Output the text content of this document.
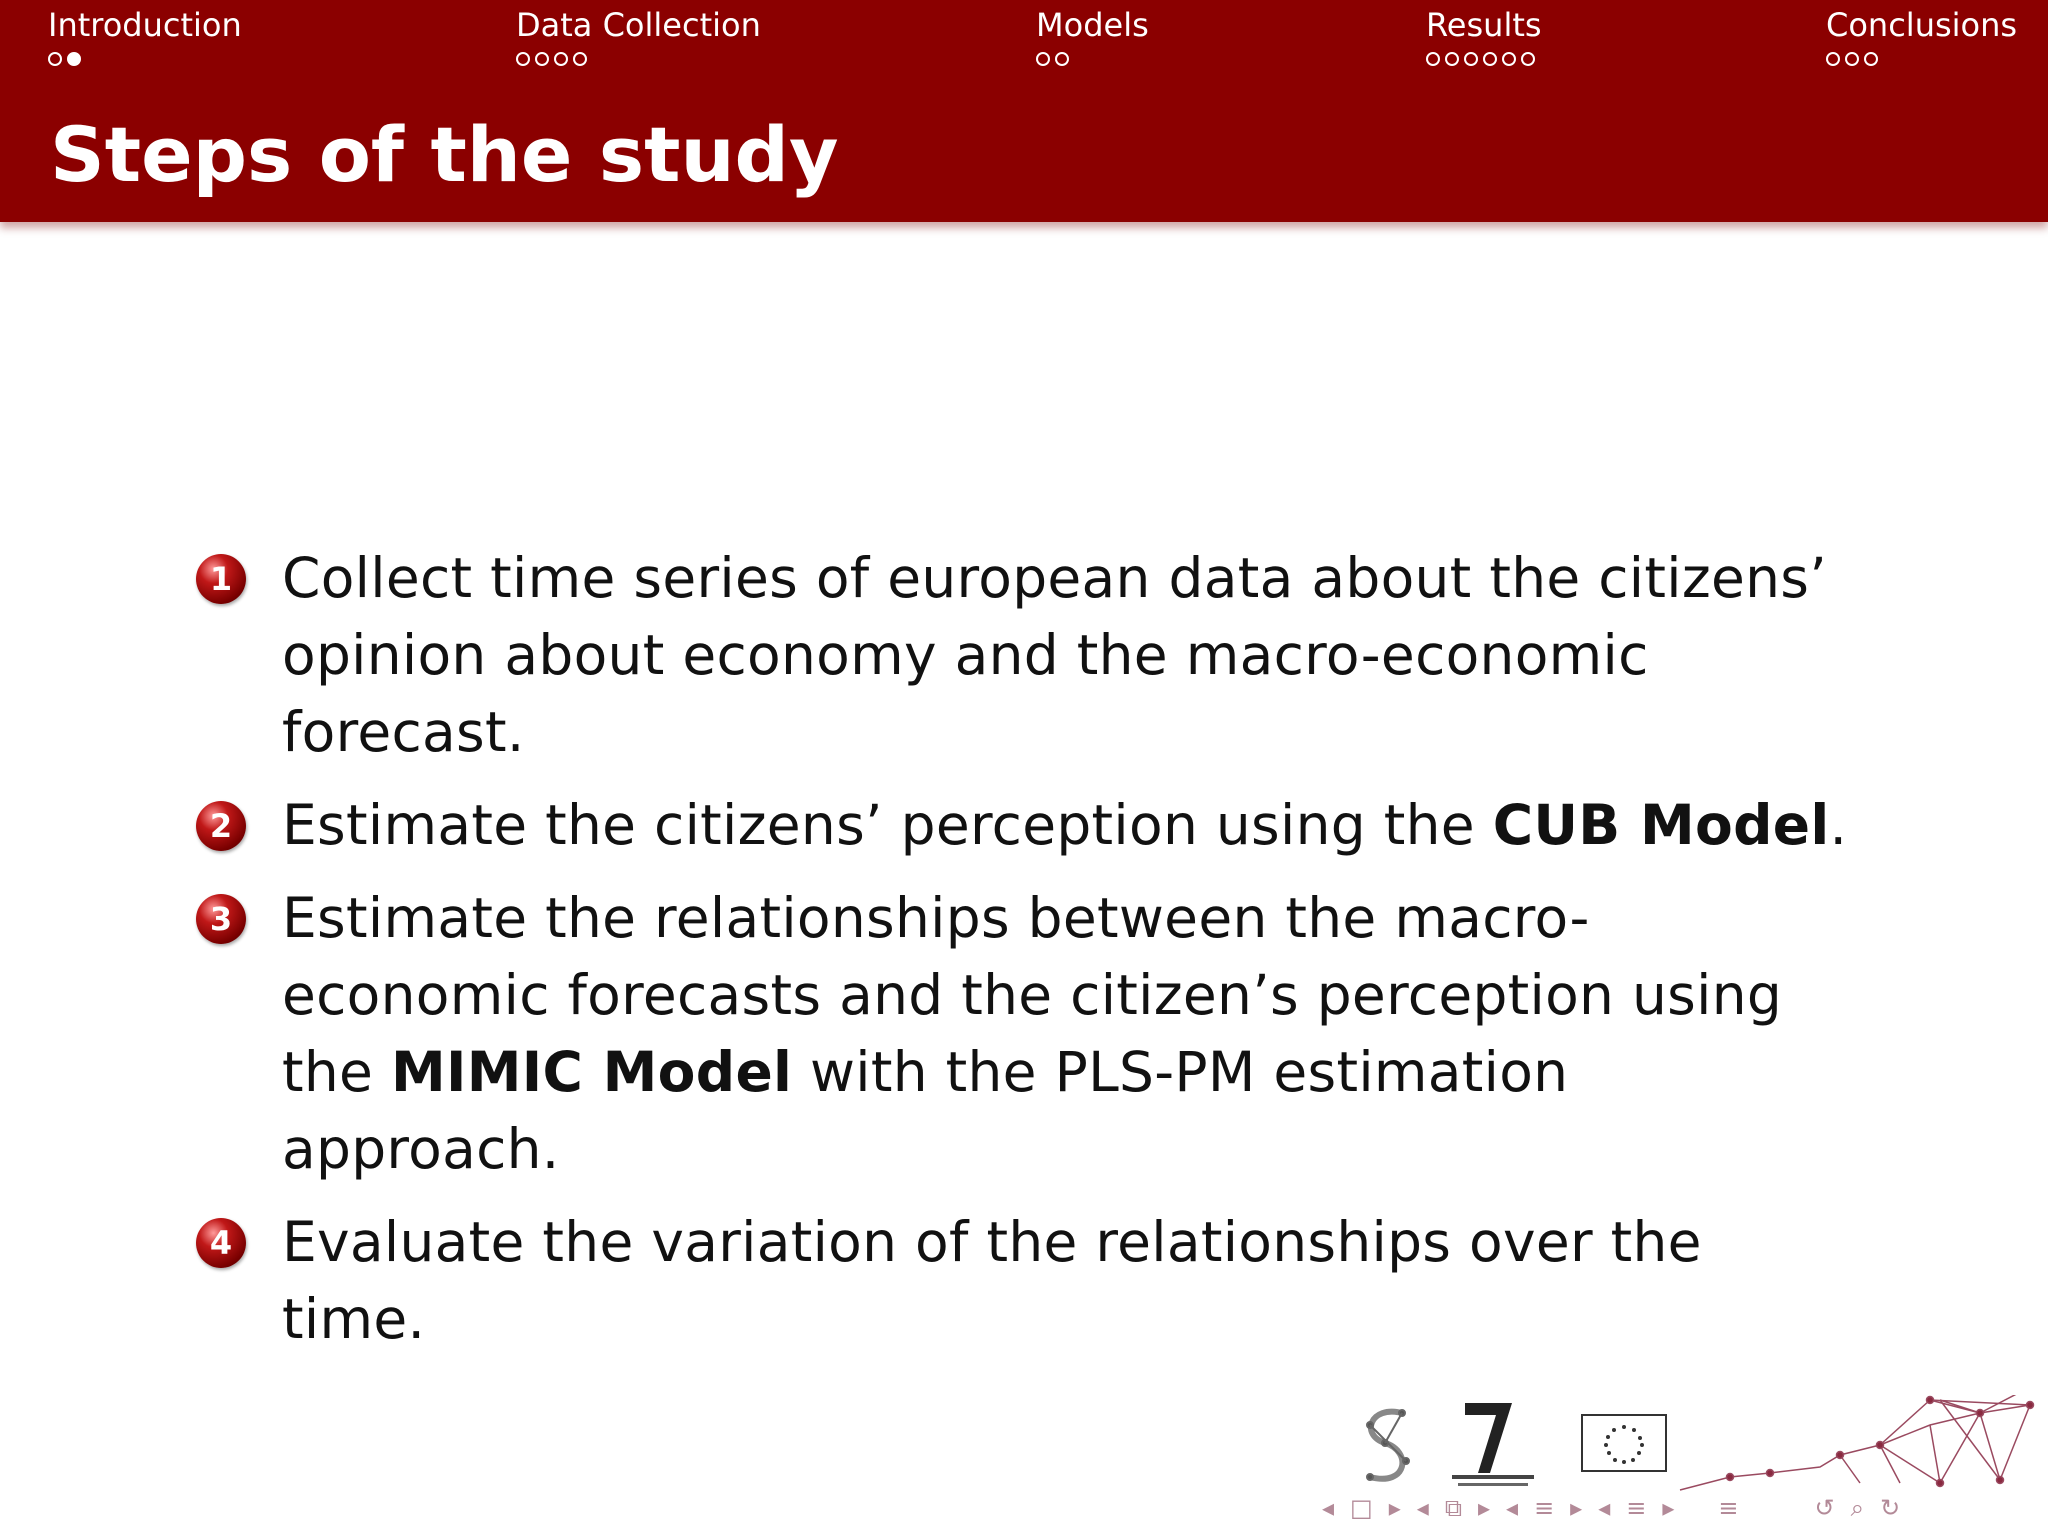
Introduction	Data Collection	Models	Results	Conclusions
Steps of the study
1 Collect time series of european data about the citizens’ opinion about economy and the macro-economic forecast.
2 Estimate the citizens’ perception using the CUB Model.
3 Estimate the relationships between the macro-economic forecasts and the citizen’s perception using the MIMIC Model with the PLS-PM estimation approach.
4 Evaluate the variation of the relationships over the time.
◂ □ ▸ ◂ ⧉ ▸ ◂ ≡ ▸ ◂ ≡ ▸ ≡	↺ ⌕ ↻
